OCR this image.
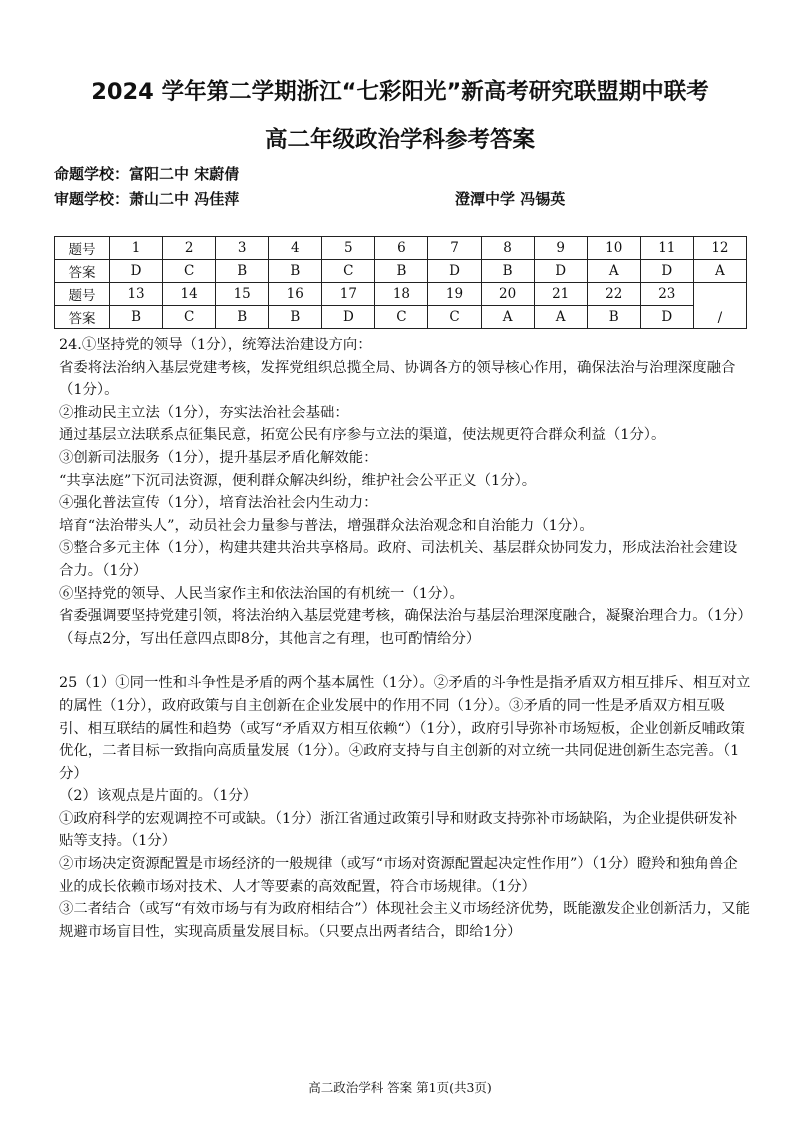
2024 学年第二学期浙江“七彩阳光”新高考研究联盟期中联考
高二年级政治学科参考答案
命题学校：富阳二中 宋蔚倩
审题学校：萧山二中 冯佳萍	澄潭中学 冯锡英
题号	1	2	3	4	5	6	7	8	9	10	11	12
答案	D	C	B	B	C	B	D	B	D	A	D	A
题号	13	14	15	16	17	18	19	20	21	22	23	/
答案	B	C	B	B	D	C	C	A	A	B	D	

24.①坚持党的领导（1分），统筹法治建设方向：

省委将法治纳入基层党建考核，发挥党组织总揽全局、协调各方的领导核心作用，确保法治与治理深度融合（1分）。

②推动民主立法（1分），夯实法治社会基础：

通过基层立法联系点征集民意，拓宽公民有序参与立法的渠道，使法规更符合群众利益（1分）。

③创新司法服务（1分），提升基层矛盾化解效能：

“共享法庭”下沉司法资源，便利群众解决纠纷，维护社会公平正义（1分）。

④强化普法宣传（1分），培育法治社会内生动力：

培育“法治带头人”，动员社会力量参与普法，增强群众法治观念和自治能力（1分）。

⑤整合多元主体（1分），构建共建共治共享格局。政府、司法机关、基层群众协同发力，形成法治社会建设合力。（1分）

⑥坚持党的领导、人民当家作主和依法治国的有机统一（1分）。

省委强调要坚持党建引领，将法治纳入基层党建考核，确保法治与基层治理深度融合，凝聚治理合力。（1分）

（每点2分，写出任意四点即8分，其他言之有理，也可酌情给分）

25（1）①同一性和斗争性是矛盾的两个基本属性（1分）。②矛盾的斗争性是指矛盾双方相互排斥、相互对立的属性（1分），政府政策与自主创新在企业发展中的作用不同（1分）。③矛盾的同一性是矛盾双方相互吸引、相互联结的属性和趋势（或写“矛盾双方相互依赖“）（1分），政府引导弥补市场短板，企业创新反哺政策优化，二者目标一致指向高质量发展（1分）。④政府支持与自主创新的对立统一共同促进创新生态完善。（1分）

（2）该观点是片面的。（1分）

①政府科学的宏观调控不可或缺。（1分）浙江省通过政策引导和财政支持弥补市场缺陷，为企业提供研发补贴等支持。（1分）

②市场决定资源配置是市场经济的一般规律（或写“市场对资源配置起决定性作用”）（1分）瞪羚和独角兽企业的成长依赖市场对技术、人才等要素的高效配置，符合市场规律。（1分）

③二者结合（或写“有效市场与有为政府相结合”）体现社会主义市场经济优势，既能激发企业创新活力，又能规避市场盲目性，实现高质量发展目标。（只要点出两者结合，即给1分）

高二政治学科 答案 第1页(共3页)
